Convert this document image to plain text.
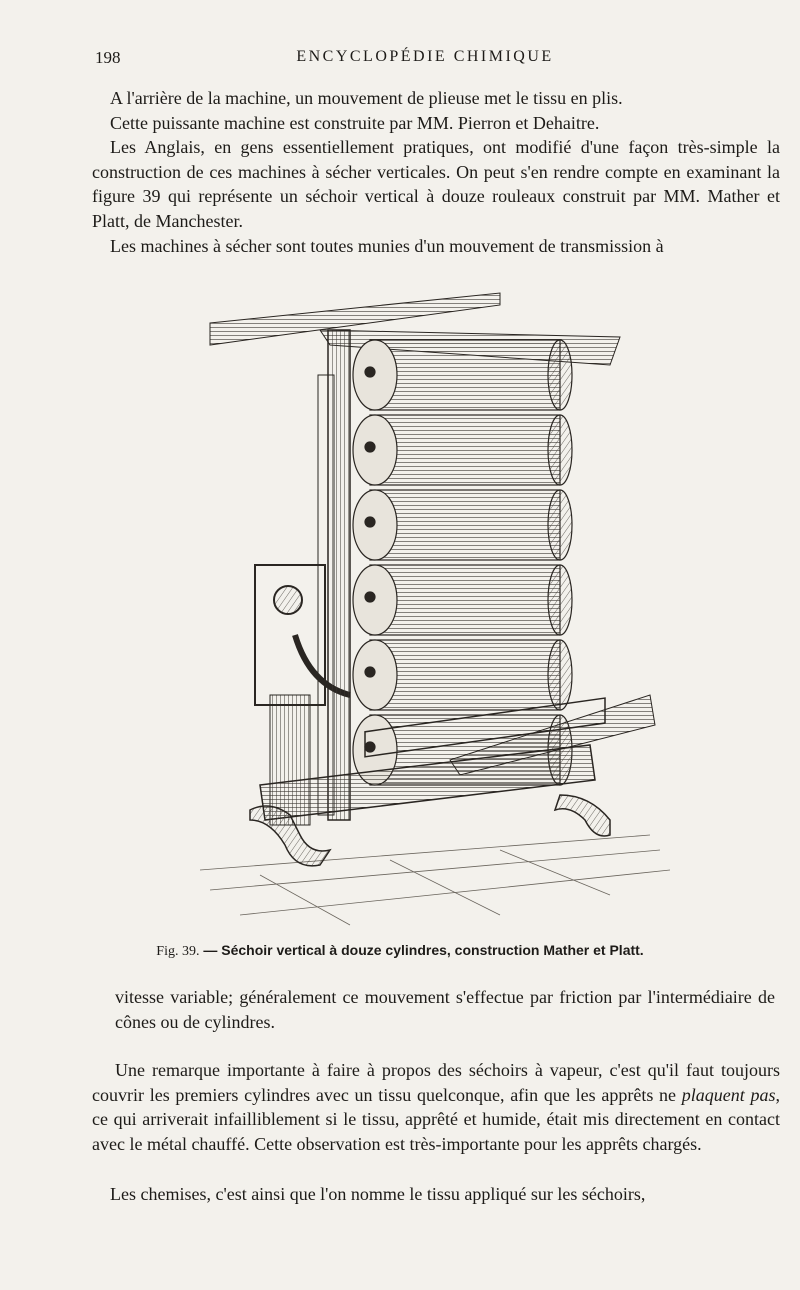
198	ENCYCLOPÉDIE CHIMIQUE

A l'arrière de la machine, un mouvement de plieuse met le tissu en plis.

Cette puissante machine est construite par MM. Pierron et Dehaitre.

Les Anglais, en gens essentiellement pratiques, ont modifié d'une façon très-simple la construction de ces machines à sécher verticales. On peut s'en rendre compte en examinant la figure 39 qui représente un séchoir vertical à douze rouleaux construit par MM. Mather et Platt, de Manchester.

Les machines à sécher sont toutes munies d'un mouvement de transmission à

Fig. 39. — Séchoir vertical à douze cylindres, construction Mather et Platt.

vitesse variable; généralement ce mouvement s'effectue par friction par l'intermédiaire de cônes ou de cylindres.

Une remarque importante à faire à propos des séchoirs à vapeur, c'est qu'il faut toujours couvrir les premiers cylindres avec un tissu quelconque, afin que les apprêts ne plaquent pas, ce qui arriverait infailliblement si le tissu, apprêté et humide, était mis directement en contact avec le métal chauffé. Cette observation est très-importante pour les apprêts chargés.

Les chemises, c'est ainsi que l'on nomme le tissu appliqué sur les séchoirs,
